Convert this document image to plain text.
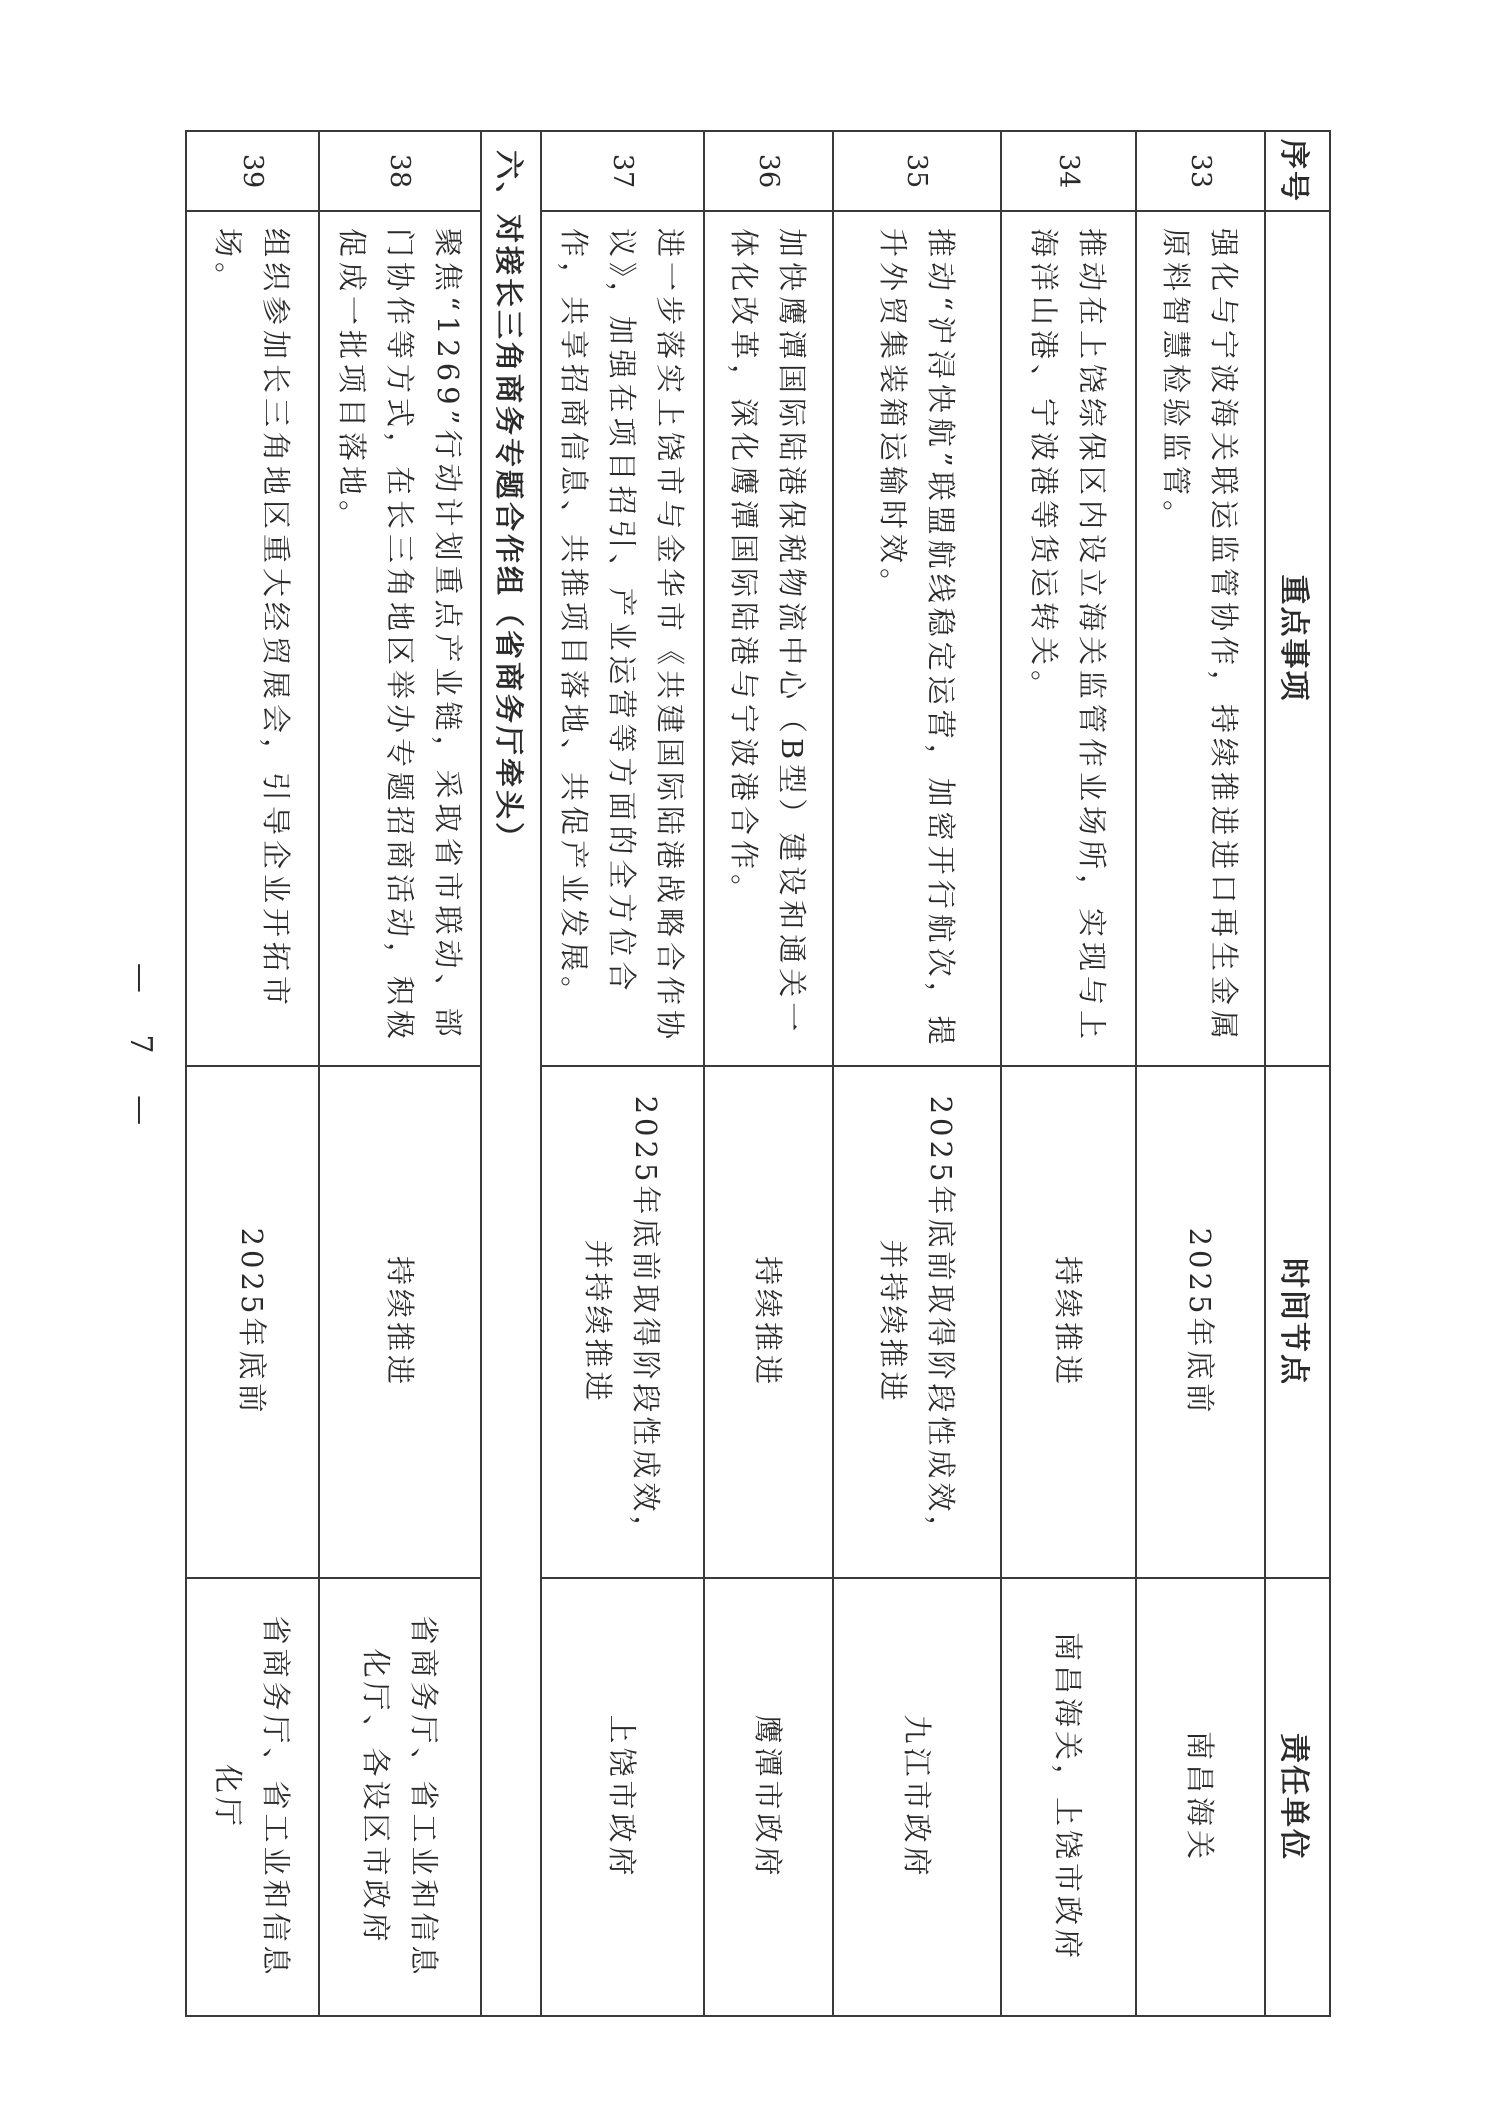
序号	重点事项	时间节点	责任单位
33	强化与宁波海关联运监管协作，持续推进进口再生金属原料智慧检验监管。	2025年底前	南昌海关
34	推动在上饶综保区内设立海关监管作业场所，实现与上海洋山港、宁波港等货运转关。	持续推进	南昌海关，上饶市政府
35	推动“沪浔快航”联盟航线稳定运营，加密开行航次，提升外贸集装箱运输时效。	2025年底前取得阶段性成效，并持续推进	九江市政府
36	加快鹰潭国际陆港保税物流中心（B型）建设和通关一体化改革，深化鹰潭国际陆港与宁波港合作。	持续推进	鹰潭市政府
37	进一步落实上饶市与金华市《共建国际陆港战略合作协议》，加强在项目招引、产业运营等方面的全方位合作，共享招商信息、共推项目落地、共促产业发展。	2025年底前取得阶段性成效，并持续推进	上饶市政府
六、对接长三角商务专题合作组（省商务厅牵头）			
38	聚焦“1269”行动计划重点产业链，采取省市联动、部门协作等方式，在长三角地区举办专题招商活动，积极促成一批项目落地。	持续推进	省商务厅、省工业和信息化厅、各设区市政府
39	组织参加长三角地区重大经贸展会，引导企业开拓市场。	2025年底前	省商务厅、省工业和信息化厅
— 7 —
